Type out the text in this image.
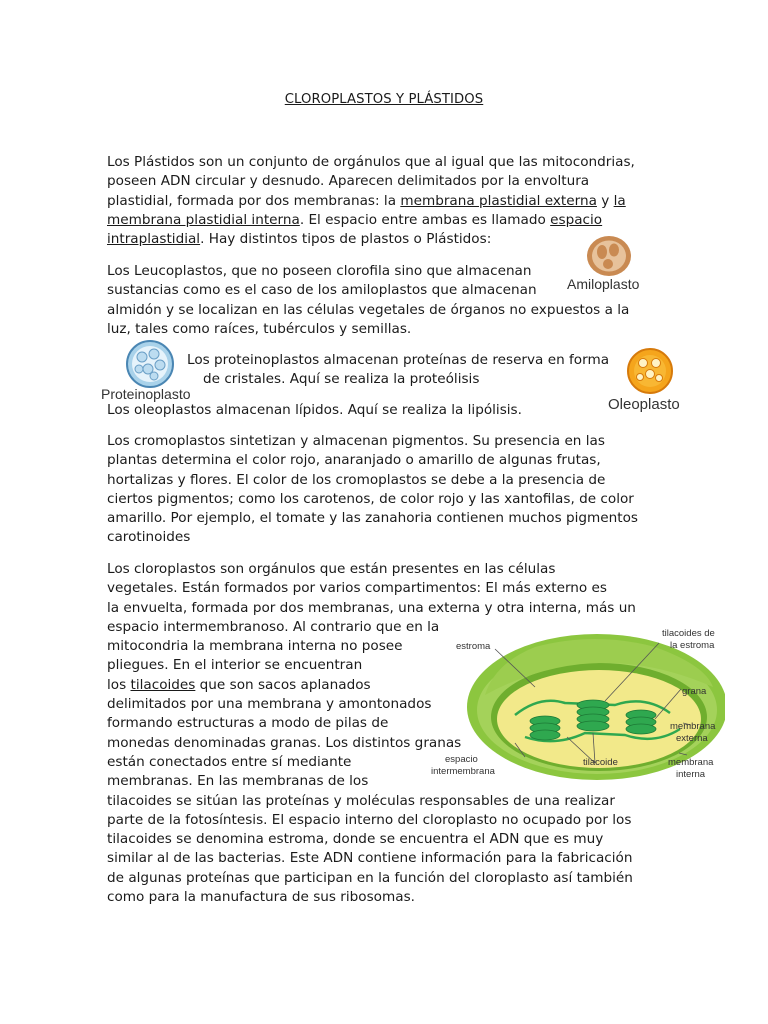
CLOROPLASTOS Y PLÁSTIDOS
Los Plástidos son un conjunto de orgánulos que al igual que las mitocondrias,
poseen ADN circular y desnudo. Aparecen delimitados por la envoltura
plastidial, formada por dos membranas: la membrana plastidial externa y la
membrana plastidial interna. El espacio entre ambas es llamado espacio
intraplastidial. Hay distintos tipos de plastos o Plástidos:
Los Leucoplastos, que no poseen clorofila sino que almacenan
sustancias como es el caso de los amiloplastos que almacenan
almidón y se localizan en las células vegetales de órganos no expuestos a la
luz, tales como raíces, tubérculos y semillas.
Amiloplasto
Proteinoplasto
Los proteinoplastos almacenan proteínas de reserva en forma
de cristales. Aquí se realiza la proteólisis
Oleoplasto
Los oleoplastos almacenan lípidos. Aquí se realiza la lipólisis.
Los cromoplastos sintetizan y almacenan pigmentos. Su presencia en las
plantas determina el color rojo, anaranjado o amarillo de algunas frutas,
hortalizas y flores. El color de los cromoplastos se debe a la presencia de
ciertos pigmentos; como los carotenos, de color rojo y las xantofilas, de color
amarillo. Por ejemplo, el tomate y las zanahoria contienen muchos pigmentos
carotinoides
Los cloroplastos son orgánulos que están presentes en las células
vegetales. Están formados por varios compartimentos: El más externo es
la envuelta, formada por dos membranas, una externa y otra interna, más un
espacio intermembranoso. Al contrario que en la
mitocondria la membrana interna no posee
pliegues. En el interior se encuentran
los tilacoides que son sacos aplanados
delimitados por una membrana y amontonados
formando estructuras a modo de pilas de
monedas denominadas granas. Los distintos granas
están conectados entre sí mediante
membranas. En las membranas de los
tilacoides se sitúan las proteínas y moléculas responsables de una realizar
parte de la fotosíntesis. El espacio interno del cloroplasto no ocupado por los
tilacoides se denomina estroma, donde se encuentra el ADN que es muy
similar al de las bacterias. Este ADN contiene información para la fabricación
de algunas proteínas que participan en la función del cloroplasto así también
como para la manufactura de sus ribosomas.
estroma
tilacoides de
la estroma
grana
membrana
externa
membrana
interna
tilacoide
espacio
intermembrana
